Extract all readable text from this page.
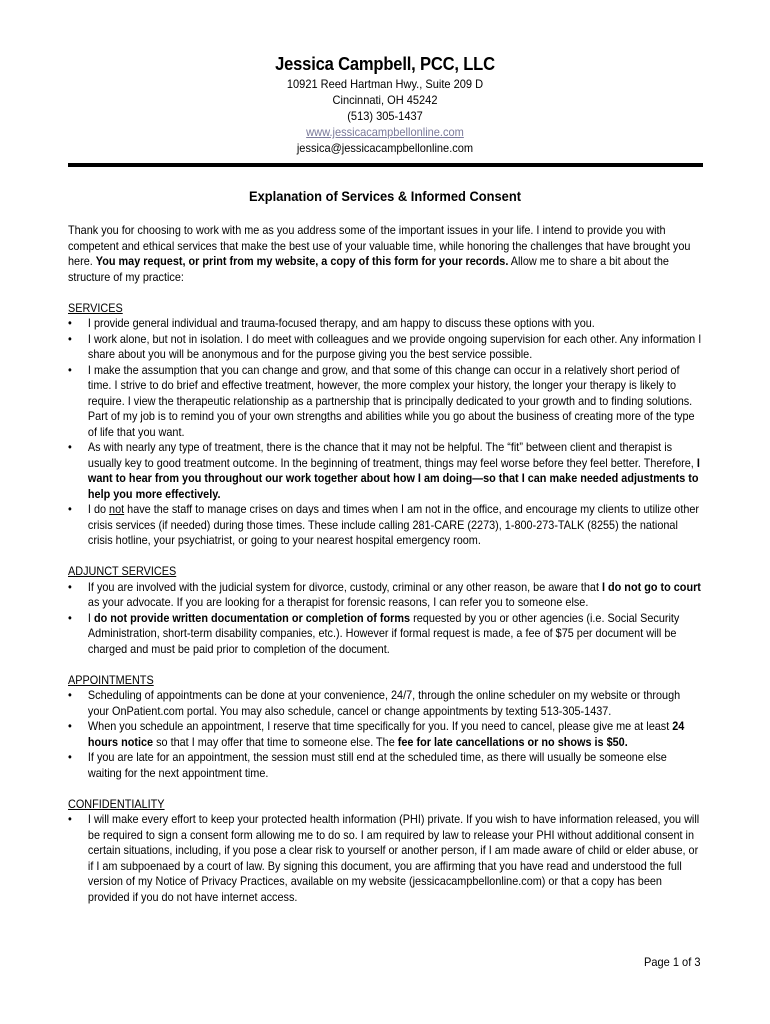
Jessica Campbell, PCC, LLC
10921 Reed Hartman Hwy., Suite 209 D
Cincinnati, OH 45242
(513) 305-1437
www.jessicacampbellonline.com
jessica@jessicacampbellonline.com
Explanation of Services & Informed Consent

Thank you for choosing to work with me as you address some of the important issues in your life. I intend to provide you with competent and ethical services that make the best use of your valuable time, while honoring the challenges that have brought you here. You may request, or print from my website, a copy of this form for your records. Allow me to share a bit about the structure of my practice:

SERVICES

• I provide general individual and trauma-focused therapy, and am happy to discuss these options with you.
• I work alone, but not in isolation. I do meet with colleagues and we provide ongoing supervision for each other. Any information I share about you will be anonymous and for the purpose giving you the best service possible.
• I make the assumption that you can change and grow, and that some of this change can occur in a relatively short period of time. I strive to do brief and effective treatment, however, the more complex your history, the longer your therapy is likely to require. I view the therapeutic relationship as a partnership that is principally dedicated to your growth and to finding solutions. Part of my job is to remind you of your own strengths and abilities while you go about the business of creating more of the type of life that you want.
• As with nearly any type of treatment, there is the chance that it may not be helpful. The “fit” between client and therapist is usually key to good treatment outcome. In the beginning of treatment, things may feel worse before they feel better. Therefore, I want to hear from you throughout our work together about how I am doing—so that I can make needed adjustments to help you more effectively.
• I do not have the staff to manage crises on days and times when I am not in the office, and encourage my clients to utilize other crisis services (if needed) during those times. These include calling 281-CARE (2273), 1-800-273-TALK (8255) the national crisis hotline, your psychiatrist, or going to your nearest hospital emergency room.

ADJUNCT SERVICES

• If you are involved with the judicial system for divorce, custody, criminal or any other reason, be aware that I do not go to court as your advocate. If you are looking for a therapist for forensic reasons, I can refer you to someone else.
• I do not provide written documentation or completion of forms requested by you or other agencies (i.e. Social Security Administration, short-term disability companies, etc.). However if formal request is made, a fee of $75 per document will be charged and must be paid prior to completion of the document.

APPOINTMENTS

• Scheduling of appointments can be done at your convenience, 24/7, through the online scheduler on my website or through your OnPatient.com portal. You may also schedule, cancel or change appointments by texting 513-305-1437.
• When you schedule an appointment, I reserve that time specifically for you. If you need to cancel, please give me at least 24 hours notice so that I may offer that time to someone else. The fee for late cancellations or no shows is $50.
• If you are late for an appointment, the session must still end at the scheduled time, as there will usually be someone else waiting for the next appointment time.

CONFIDENTIALITY

• I will make every effort to keep your protected health information (PHI) private. If you wish to have information released, you will be required to sign a consent form allowing me to do so. I am required by law to release your PHI without additional consent in certain situations, including, if you pose a clear risk to yourself or another person, if I am made aware of child or elder abuse, or if I am subpoenaed by a court of law. By signing this document, you are affirming that you have read and understood the full version of my Notice of Privacy Practices, available on my website (jessicacampbellonline.com) or that a copy has been provided if you do not have internet access.
Page 1 of 3
